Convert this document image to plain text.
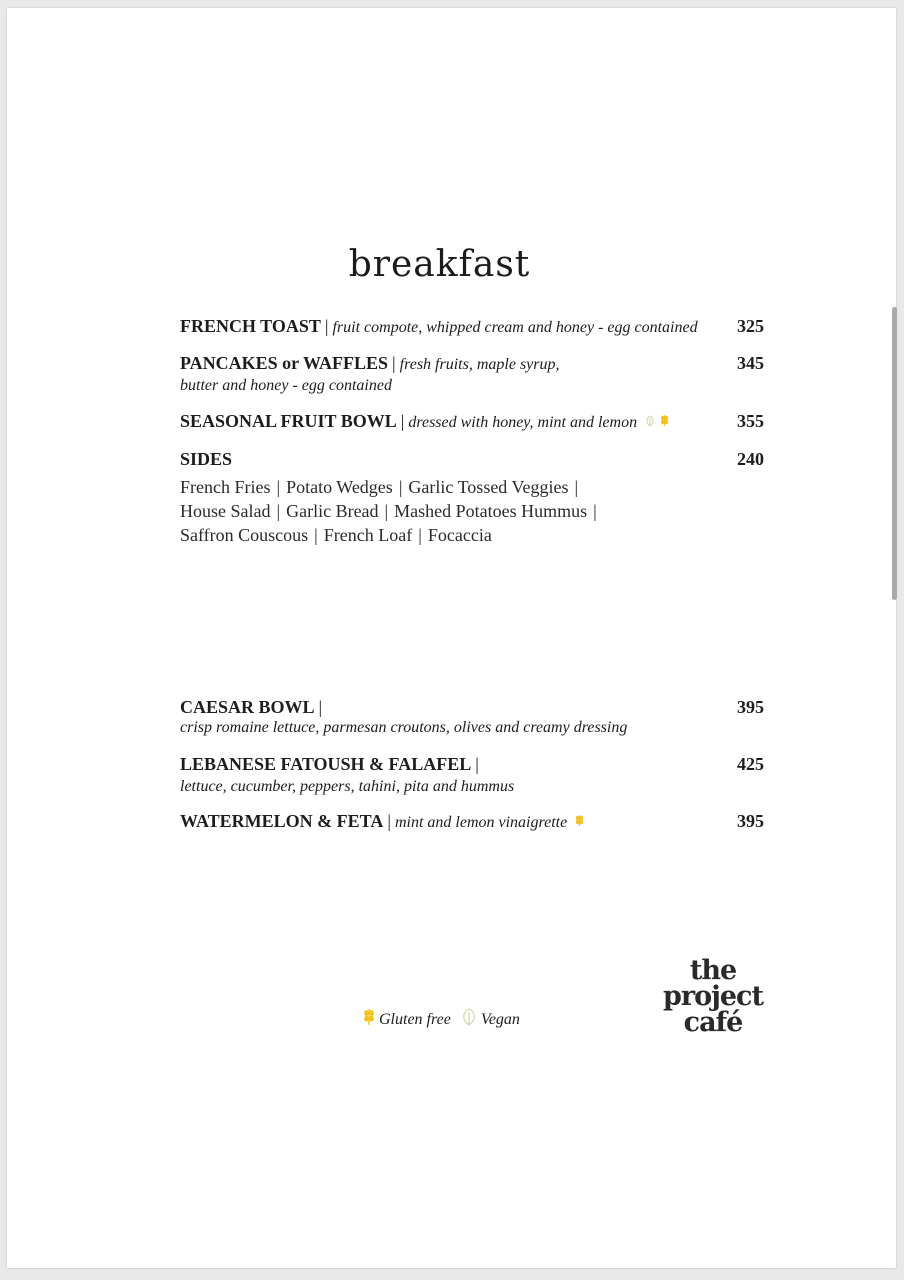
breakfast
FRENCH TOAST | fruit compote, whipped cream and honey - egg contained 325
PANCAKES or WAFFLES | fresh fruits, maple syrup,
butter and honey - egg contained
345
SEASONAL FRUIT BOWL | dressed with honey, mint and lemon	355
SIDES	240
French Fries | Potato Wedges | Garlic Tossed Veggies |
House Salad | Garlic Bread | Mashed Potatoes Hummus |
Saffron Couscous | French Loaf | Focaccia
CAESAR BOWL |
crisp romaine lettuce, parmesan croutons, olives and creamy dressing
395
LEBANESE FATOUSH & FALAFEL |
lettuce, cucumber, peppers, tahini, pita and hummus
425
WATERMELON & FETA | mint and lemon vinaigrette	395
Gluten free Vegan
the
project
café
